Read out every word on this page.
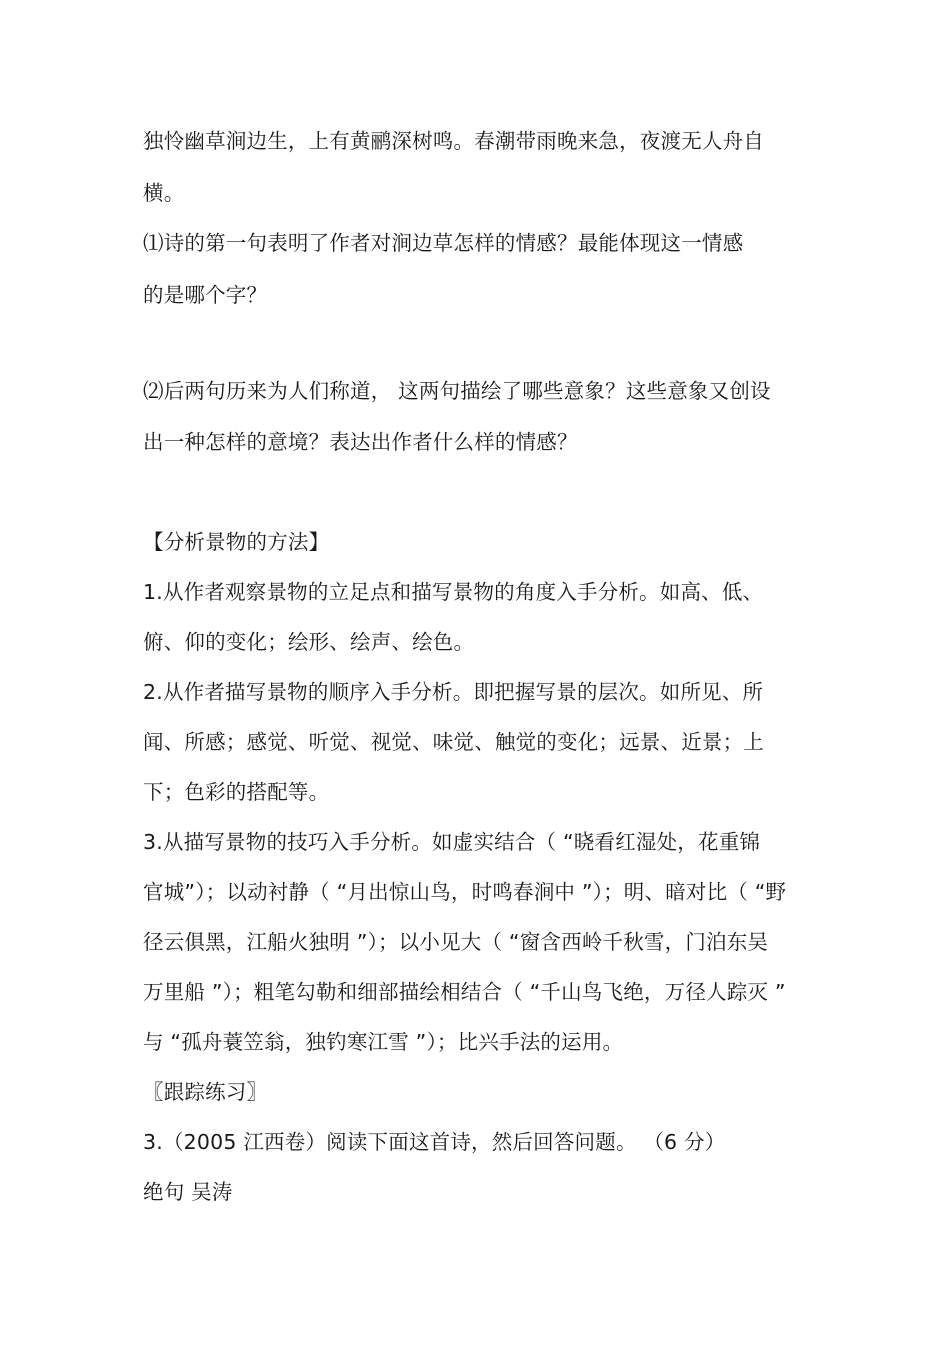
独怜幽草涧边生，上有黄鹂深树鸣。春潮带雨晚来急，夜渡无人舟自
横。
⑴诗的第一句表明了作者对涧边草怎样的情感？最能体现这一情感
的是哪个字？
⑵后两句历来为人们称道， 这两句描绘了哪些意象？这些意象又创设
出一种怎样的意境？表达出作者什么样的情感？
【分析景物的方法】
1.从作者观察景物的立足点和描写景物的角度入手分析。如高、低、
俯、仰的变化；绘形、绘声、绘色。
2.从作者描写景物的顺序入手分析。即把握写景的层次。如所见、所
闻、所感；感觉、听觉、视觉、味觉、触觉的变化；远景、近景；上
下；色彩的搭配等。
3.从描写景物的技巧入手分析。如虚实结合（ “晓看红湿处，花重锦
官城”）；以动衬静（ “月出惊山鸟，时鸣春涧中 ”）；明、暗对比（ “野
径云俱黑，江船火独明 ”）；以小见大（ “窗含西岭千秋雪，门泊东吴
万里船 ”）；粗笔勾勒和细部描绘相结合（ “千山鸟飞绝，万径人踪灭 ”
与 “孤舟蓑笠翁，独钓寒江雪 ”）；比兴手法的运用。
〖跟踪练习〗
3.（2005 江西卷）阅读下面这首诗，然后回答问题。 （6 分）
绝句 吴涛
